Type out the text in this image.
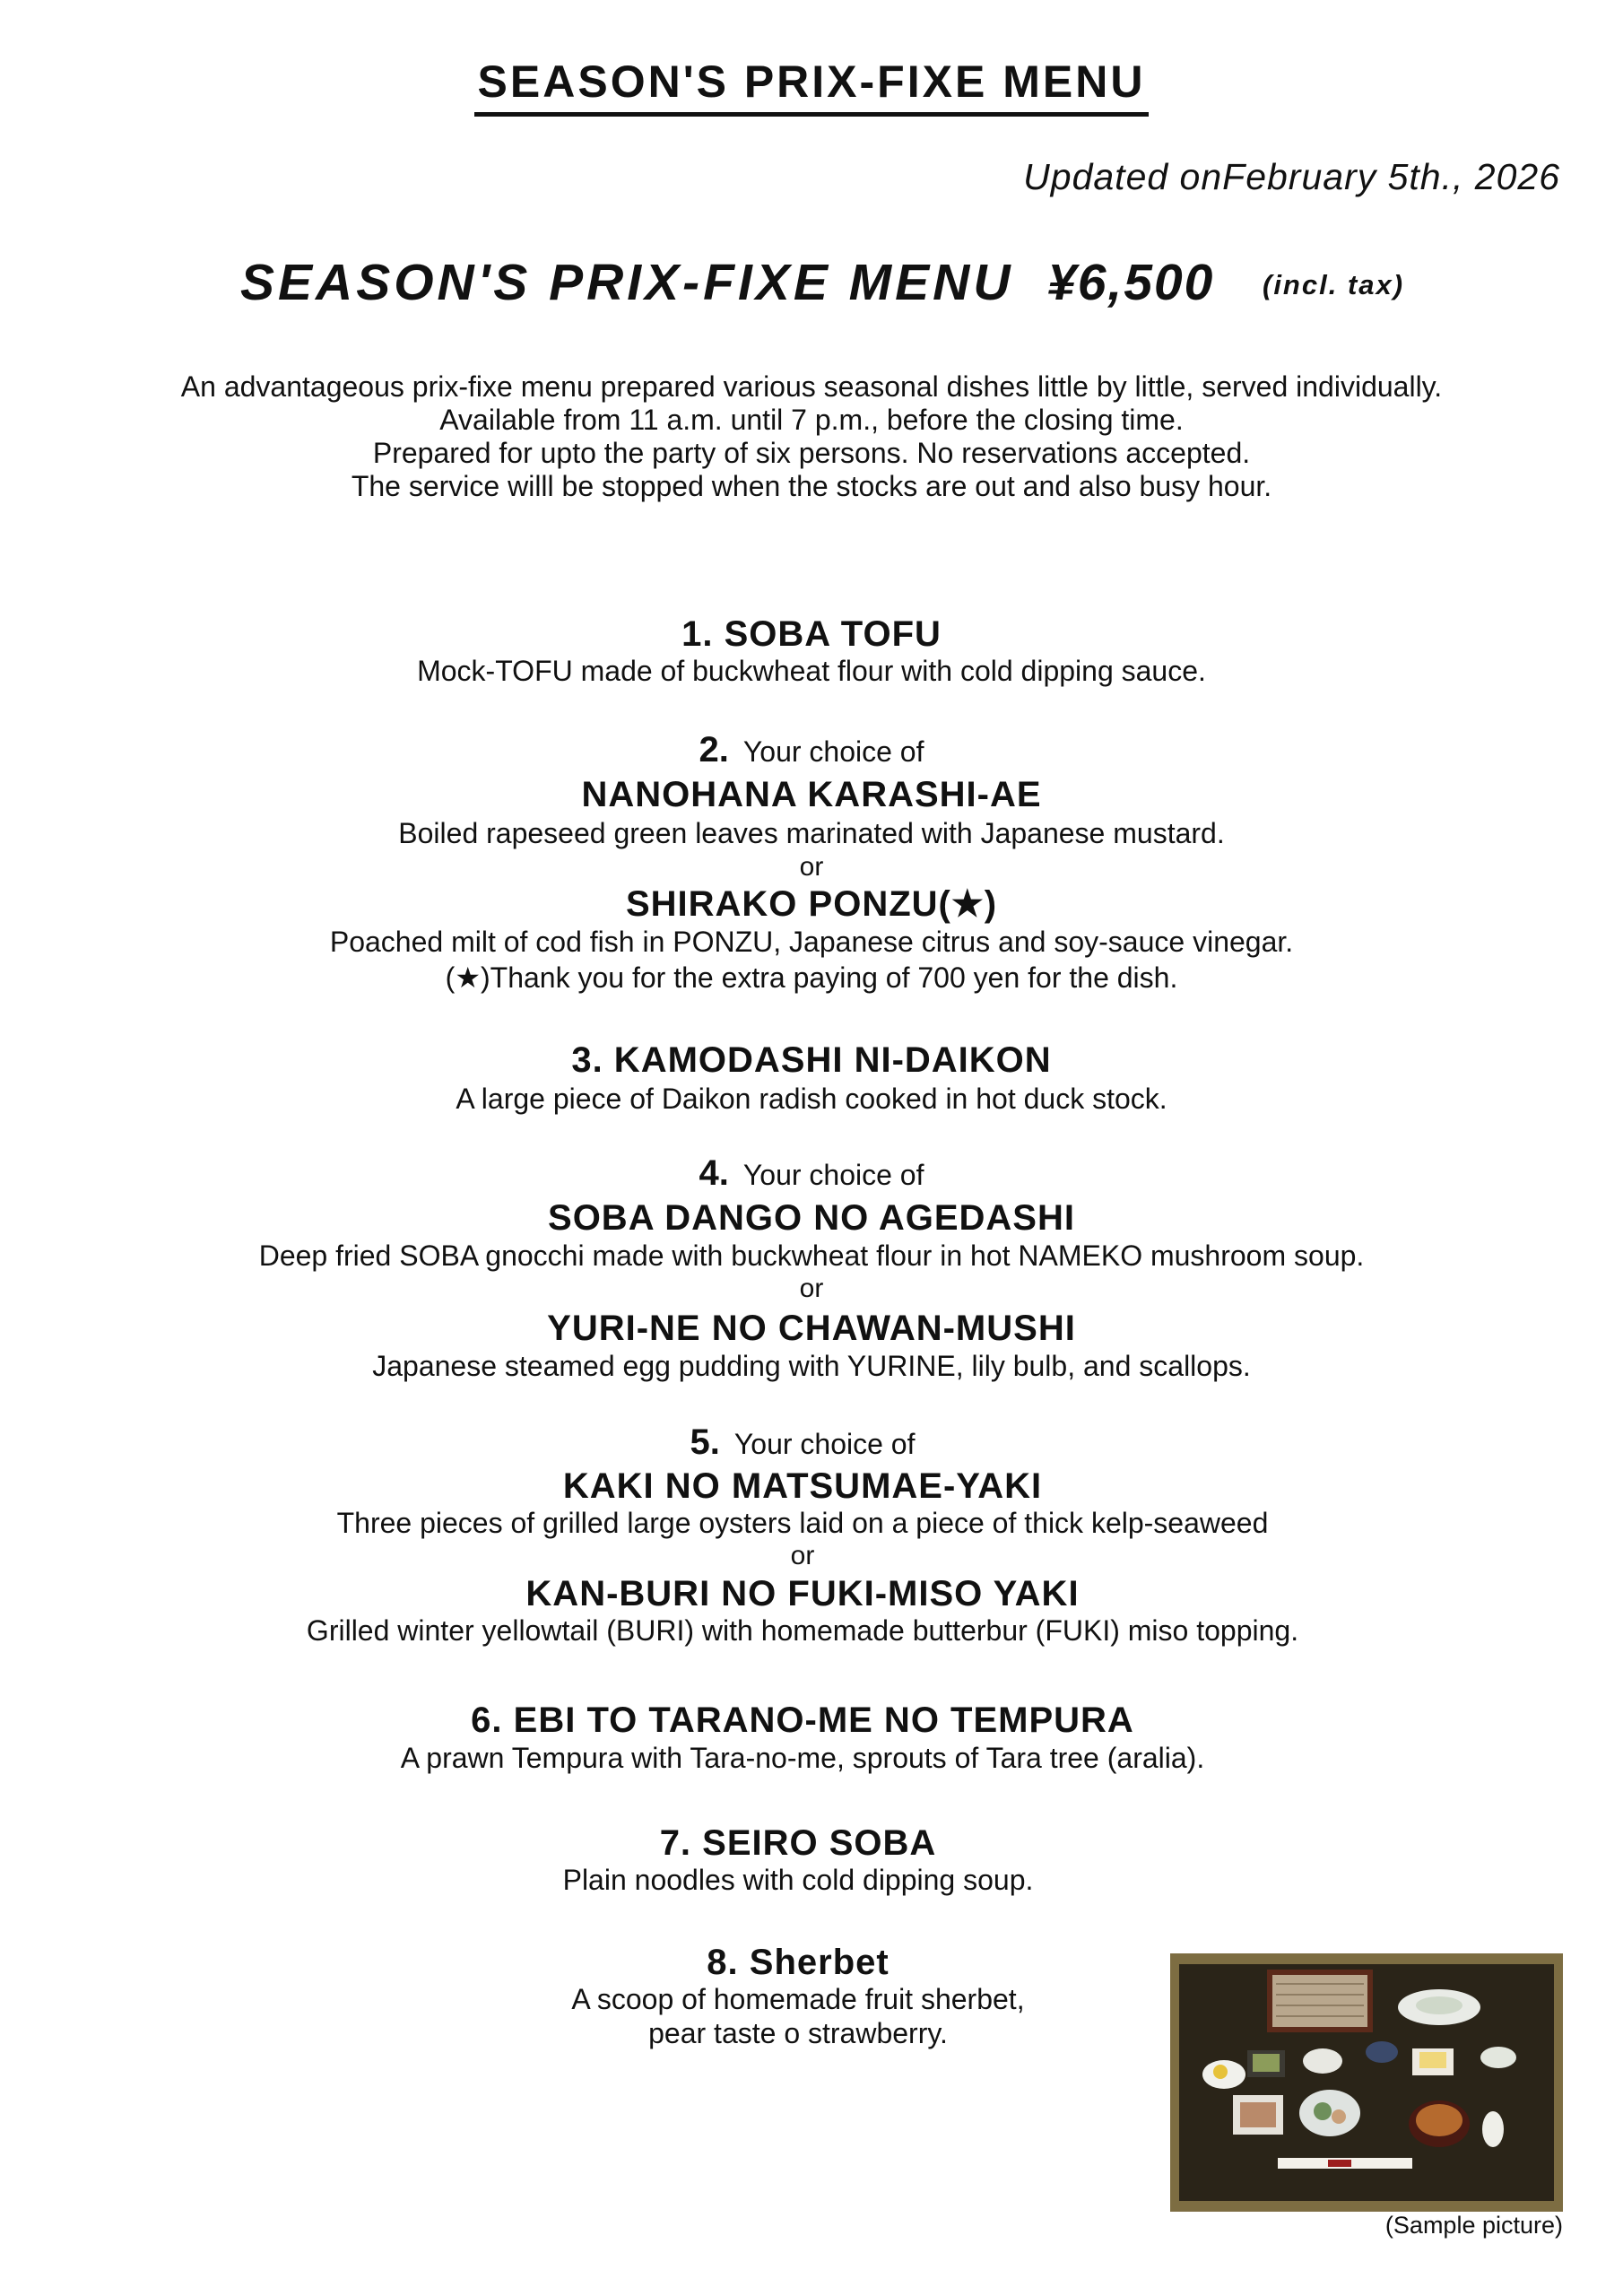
SEASON'S PRIX-FIXE MENU
Updated onFebruary 5th., 2026
SEASON'S PRIX-FIXE MENU ¥6,500 (incl. tax)
An advantageous prix-fixe menu prepared various seasonal dishes little by little, served individually.
Available from 11 a.m. until 7 p.m., before the closing time.
Prepared for upto the party of six persons. No reservations accepted.
The service willl be stopped when the stocks are out and also busy hour.
1. SOBA TOFU
Mock-TOFU made of buckwheat flour with cold dipping sauce.
2. Your choice of
NANOHANA KARASHI-AE
Boiled rapeseed green leaves marinated with Japanese mustard.
or
SHIRAKO PONZU(★)
Poached milt of cod fish in PONZU, Japanese citrus and soy-sauce vinegar.
(★)Thank you for the extra paying of 700 yen for the dish.
3. KAMODASHI NI-DAIKON
A large piece of Daikon radish cooked in hot duck stock.
4. Your choice of
SOBA DANGO NO AGEDASHI
Deep fried SOBA gnocchi made with buckwheat flour in hot NAMEKO mushroom soup.
or
YURI-NE NO CHAWAN-MUSHI
Japanese steamed egg pudding with YURINE, lily bulb, and scallops.
5. Your choice of
KAKI NO MATSUMAE-YAKI
Three pieces of grilled large oysters laid on a piece of thick kelp-seaweed
or
KAN-BURI NO FUKI-MISO YAKI
Grilled winter yellowtail (BURI) with homemade butterbur (FUKI) miso topping.
6. EBI TO TARANO-ME NO TEMPURA
A prawn Tempura with Tara-no-me, sprouts of Tara tree (aralia).
7. SEIRO SOBA
Plain noodles with cold dipping soup.
8. Sherbet
A scoop of homemade fruit sherbet,
pear taste o strawberry.
(Sample picture)
